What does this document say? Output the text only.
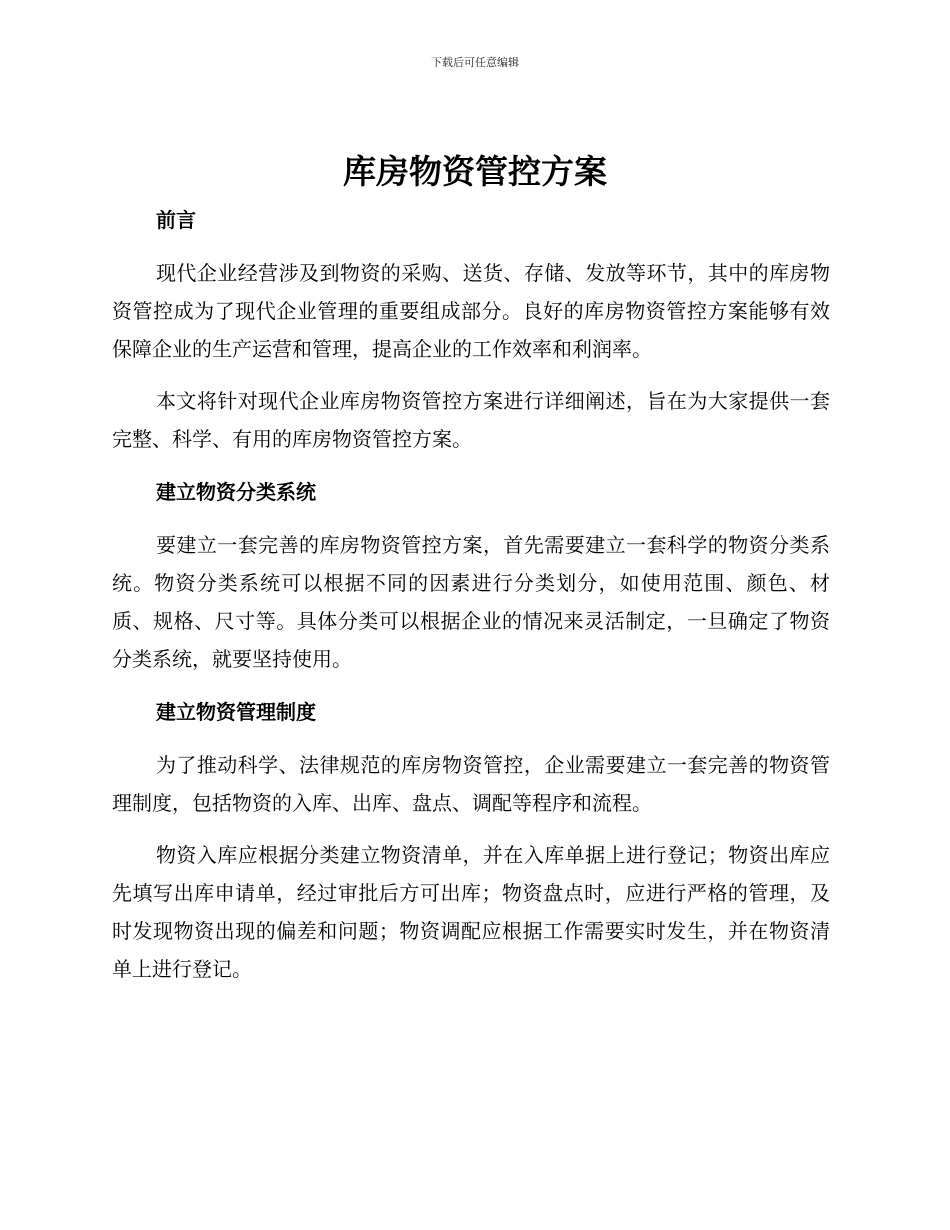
下载后可任意编辑
库房物资管控方案
前言

现代企业经营涉及到物资的采购、送货、存储、发放等环节，其中的库房物资管控成为了现代企业管理的重要组成部分。良好的库房物资管控方案能够有效保障企业的生产运营和管理，提高企业的工作效率和利润率。

本文将针对现代企业库房物资管控方案进行详细阐述，旨在为大家提供一套完整、科学、有用的库房物资管控方案。

建立物资分类系统

要建立一套完善的库房物资管控方案，首先需要建立一套科学的物资分类系统。物资分类系统可以根据不同的因素进行分类划分，如使用范围、颜色、材质、规格、尺寸等。具体分类可以根据企业的情况来灵活制定，一旦确定了物资分类系统，就要坚持使用。

建立物资管理制度

为了推动科学、法律规范的库房物资管控，企业需要建立一套完善的物资管理制度，包括物资的入库、出库、盘点、调配等程序和流程。

物资入库应根据分类建立物资清单，并在入库单据上进行登记；物资出库应先填写出库申请单，经过审批后方可出库；物资盘点时，应进行严格的管理，及时发现物资出现的偏差和问题；物资调配应根据工作需要实时发生，并在物资清单上进行登记。
